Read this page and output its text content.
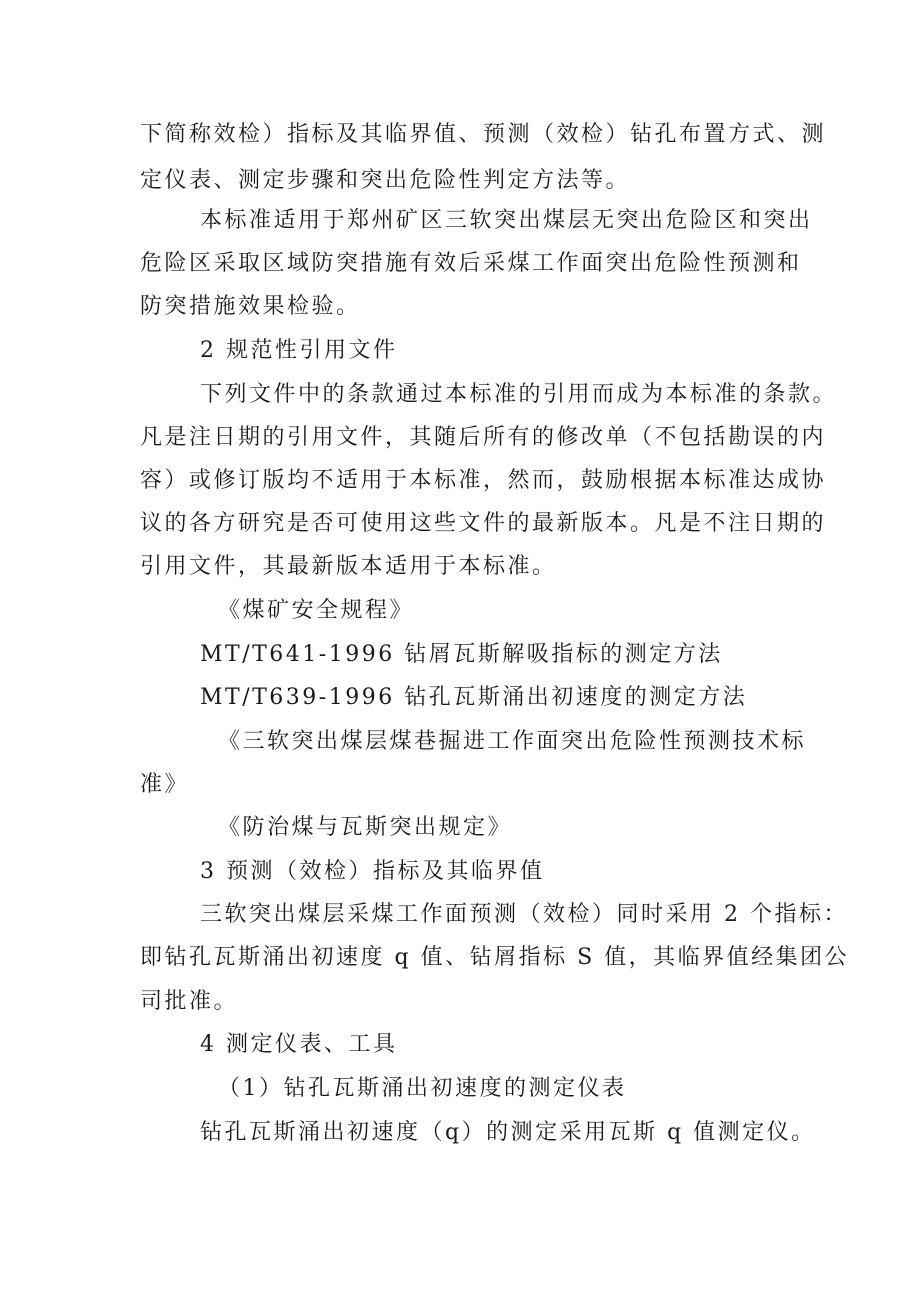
下简称效检）指标及其临界值、预测（效检）钻孔布置方式、测
定仪表、测定步骤和突出危险性判定方法等。
本标准适用于郑州矿区三软突出煤层无突出危险区和突出
危险区采取区域防突措施有效后采煤工作面突出危险性预测和
防突措施效果检验。
2 规范性引用文件
下列文件中的条款通过本标准的引用而成为本标准的条款。
凡是注日期的引用文件，其随后所有的修改单（不包括勘误的内
容）或修订版均不适用于本标准，然而，鼓励根据本标准达成协
议的各方研究是否可使用这些文件的最新版本。凡是不注日期的
引用文件，其最新版本适用于本标准。
《煤矿安全规程》
MT/T641-1996 钻屑瓦斯解吸指标的测定方法
MT/T639-1996 钻孔瓦斯涌出初速度的测定方法
《三软突出煤层煤巷掘进工作面突出危险性预测技术标
准》
《防治煤与瓦斯突出规定》
3 预测（效检）指标及其临界值
三软突出煤层采煤工作面预测（效检）同时采用 2 个指标：
即钻孔瓦斯涌出初速度 q 值、钻屑指标 S 值，其临界值经集团公
司批准。
4 测定仪表、工具
（1）钻孔瓦斯涌出初速度的测定仪表
钻孔瓦斯涌出初速度（q）的测定采用瓦斯 q 值测定仪。
